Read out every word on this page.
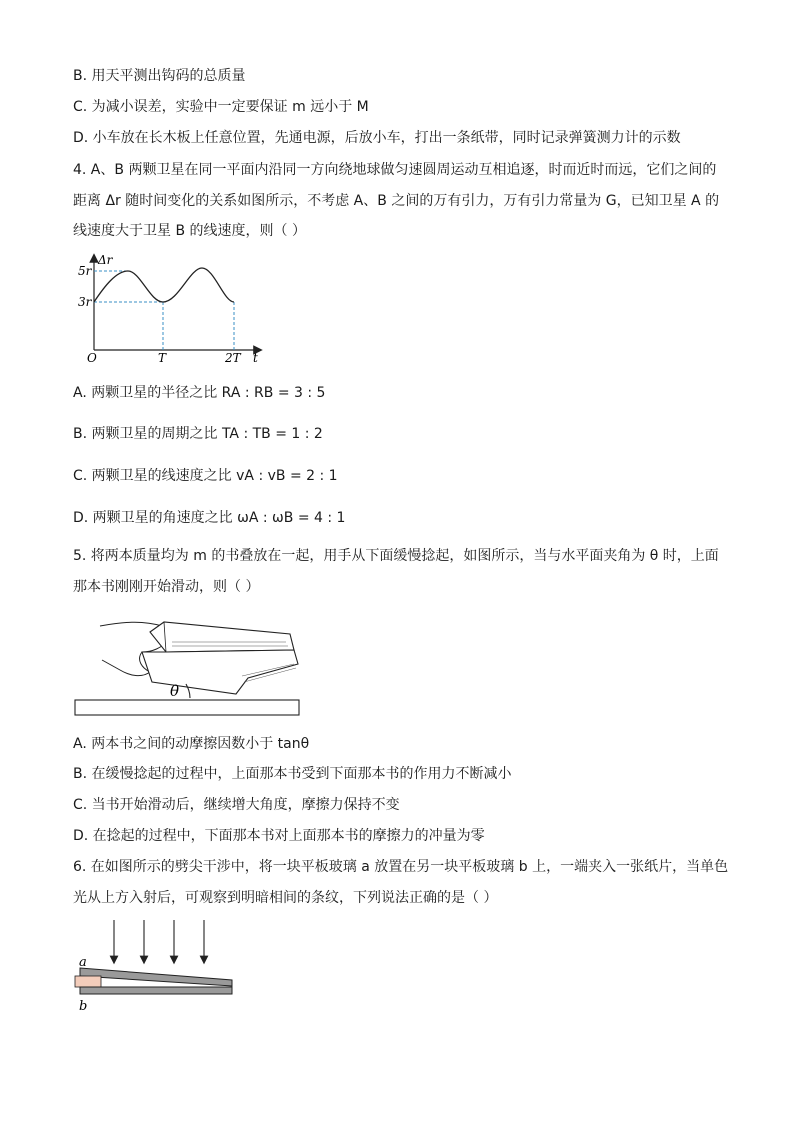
B. 用天平测出钩码的总质量
C. 为减小误差，实验中一定要保证 m 远小于 M
D. 小车放在长木板上任意位置，先通电源，后放小车，打出一条纸带，同时记录弹簧测力计的示数
4. A、B 两颗卫星在同一平面内沿同一方向绕地球做匀速圆周运动互相追逐，时而近时而远，它们之间的
距离 Δr 随时间变化的关系如图所示，不考虑 A、B 之间的万有引力，万有引力常量为 G，已知卫星 A 的
线速度大于卫星 B 的线速度，则（ ）
Δr
5r
3r
O	T	2T t
A. 两颗卫星的半径之比 RA : RB = 3 : 5
B. 两颗卫星的周期之比 TA : TB = 1 : 2
C. 两颗卫星的线速度之比 vA : vB = 2 : 1
D. 两颗卫星的角速度之比 ωA : ωB = 4 : 1
5. 将两本质量均为 m 的书叠放在一起，用手从下面缓慢捻起，如图所示，当与水平面夹角为 θ 时，上面
那本书刚刚开始滑动，则（ ）
θ
A. 两本书之间的动摩擦因数小于 tanθ
B. 在缓慢捻起的过程中，上面那本书受到下面那本书的作用力不断减小
C. 当书开始滑动后，继续增大角度，摩擦力保持不变
D. 在捻起的过程中，下面那本书对上面那本书的摩擦力的冲量为零
6. 在如图所示的劈尖干涉中，将一块平板玻璃 a 放置在另一块平板玻璃 b 上，一端夹入一张纸片，当单色
光从上方入射后，可观察到明暗相间的条纹，下列说法正确的是（ ）
a
b
